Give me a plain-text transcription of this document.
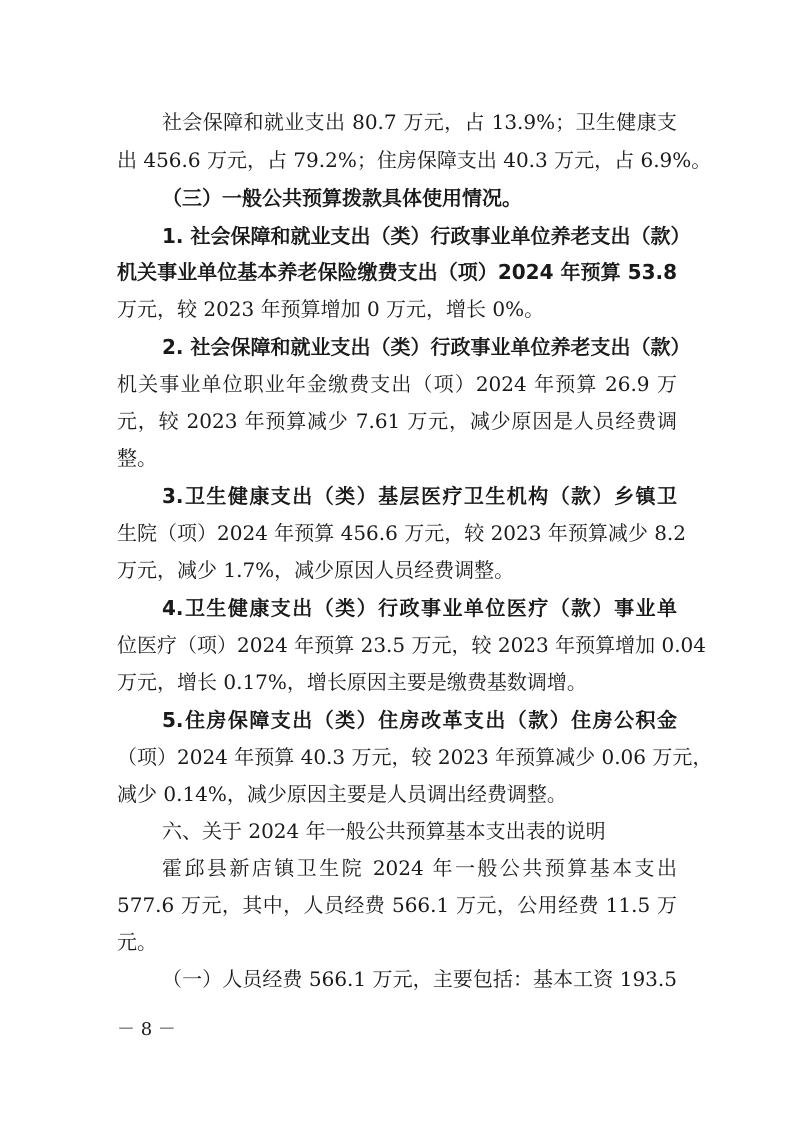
社会保障和就业支出 80.7 万元，占 13.9%；卫生健康支
出 456.6 万元，占 79.2%；住房保障支出 40.3 万元，占 6.9%。
（三）一般公共预算拨款具体使用情况。
1. 社会保障和就业支出（类）行政事业单位养老支出（款）
机关事业单位基本养老保险缴费支出（项）2024 年预算 53.8
万元，较 2023 年预算增加 0 万元，增长 0%。
2. 社会保障和就业支出（类）行政事业单位养老支出（款）
机关事业单位职业年金缴费支出（项）2024 年预算 26.9 万
元，较 2023 年预算减少 7.61 万元，减少原因是人员经费调
整。
3.卫生健康支出（类）基层医疗卫生机构（款）乡镇卫
生院（项）2024 年预算 456.6 万元，较 2023 年预算减少 8.2
万元，减少 1.7%，减少原因人员经费调整。
4.卫生健康支出（类）行政事业单位医疗（款）事业单
位医疗（项）2024 年预算 23.5 万元，较 2023 年预算增加 0.04
万元，增长 0.17%，增长原因主要是缴费基数调增。
5.住房保障支出（类）住房改革支出（款）住房公积金
（项）2024 年预算 40.3 万元，较 2023 年预算减少 0.06 万元，
减少 0.14%，减少原因主要是人员调出经费调整。
六、关于 2024 年一般公共预算基本支出表的说明
霍邱县新店镇卫生院 2024 年一般公共预算基本支出
577.6 万元，其中，人员经费 566.1 万元，公用经费 11.5 万
元。
（一）人员经费 566.1 万元，主要包括：基本工资 193.5
－ 8 －
